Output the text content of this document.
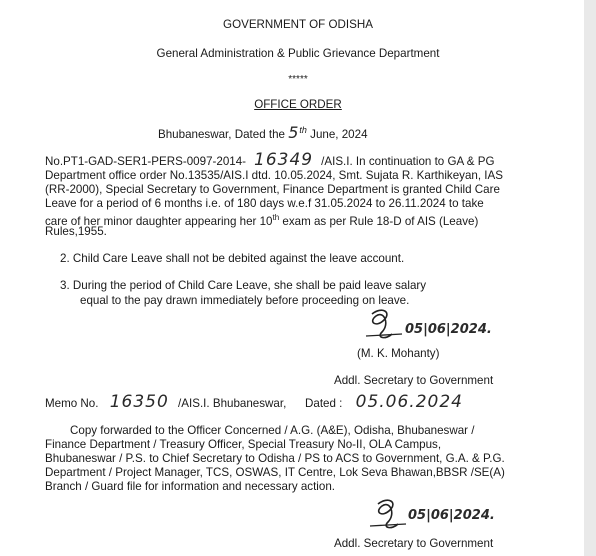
GOVERNMENT OF ODISHA
General Administration & Public Grievance Department
*****
OFFICE ORDER
Bhubaneswar, Dated the 5th June, 2024
No.PT1-GAD-SER1-PERS-0097-2014- 16349 /AIS.I. In continuation to GA & PG
Department office order No.13535/AIS.I dtd. 10.05.2024, Smt. Sujata R. Karthikeyan, IAS
(RR-2000), Special Secretary to Government, Finance Department is granted Child Care
Leave for a period of 6 months i.e. of 180 days w.e.f 31.05.2024 to 26.11.2024 to take
care of her minor daughter appearing her 10th exam as per Rule 18-D of AIS (Leave)
Rules,1955.
2. Child Care Leave shall not be debited against the leave account.
3. During the period of Child Care Leave, she shall be paid leave salary
equal to the pay drawn immediately before proceeding on leave.
05|06|2024.
(M. K. Mohanty)
Addl. Secretary to Government
Memo No. 16350 /AIS.I. Bhubaneswar, Dated : 05.06.2024
Copy forwarded to the Officer Concerned / A.G. (A&E), Odisha, Bhubaneswar /
Finance Department / Treasury Officer, Special Treasury No-II, OLA Campus,
Bhubaneswar / P.S. to Chief Secretary to Odisha / PS to ACS to Government, G.A. & P.G.
Department / Project Manager, TCS, OSWAS, IT Centre, Lok Seva Bhawan,BBSR /SE(A)
Branch / Guard file for information and necessary action.
05|06|2024.
Addl. Secretary to Government
